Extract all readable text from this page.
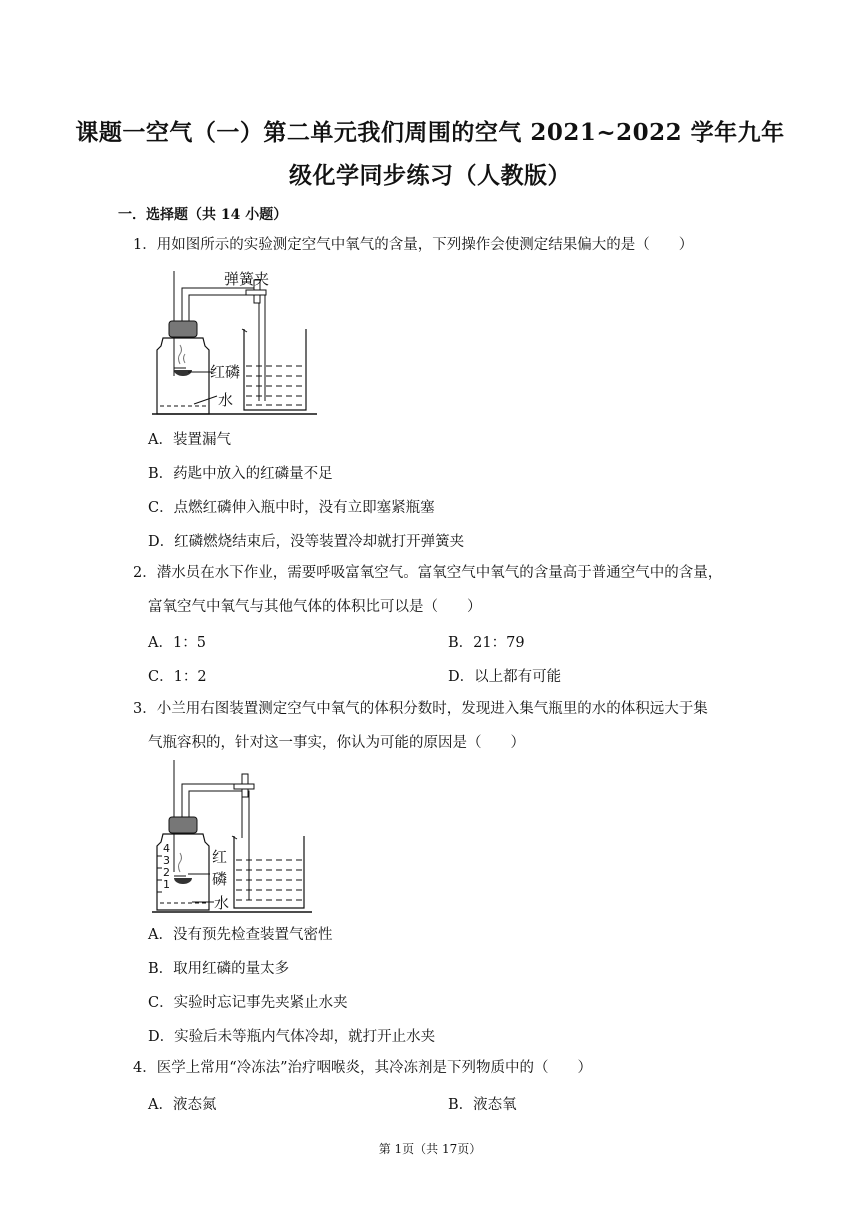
课题一空气（一）第二单元我们周围的空气 2021~2022 学年九年
级化学同步练习（人教版）
一．选择题（共 14 小题）
1．用如图所示的实验测定空气中氧气的含量，下列操作会使测定结果偏大的是（　　）
弹簧夹
红磷
水
A．装置漏气
B．药匙中放入的红磷量不足
C．点燃红磷伸入瓶中时，没有立即塞紧瓶塞
D．红磷燃烧结束后，没等装置冷却就打开弹簧夹
2．潜水员在水下作业，需要呼吸富氧空气。富氧空气中氧气的含量高于普通空气中的含量，
富氧空气中氧气与其他气体的体积比可以是（　　）
A．1：5	B．21：79
C．1：2	D．以上都有可能
3．小兰用右图装置测定空气中氧气的体积分数时，发现进入集气瓶里的水的体积远大于集
气瓶容积的，针对这一事实，你认为可能的原因是（　　）
4
3
2
1
红
磷
水
A．没有预先检查装置气密性
B．取用红磷的量太多
C．实验时忘记事先夹紧止水夹
D．实验后未等瓶内气体冷却，就打开止水夹
4．医学上常用“冷冻法”治疗咽喉炎，其冷冻剂是下列物质中的（　　）
A．液态氮	B．液态氧
第 1页（共 17页）
